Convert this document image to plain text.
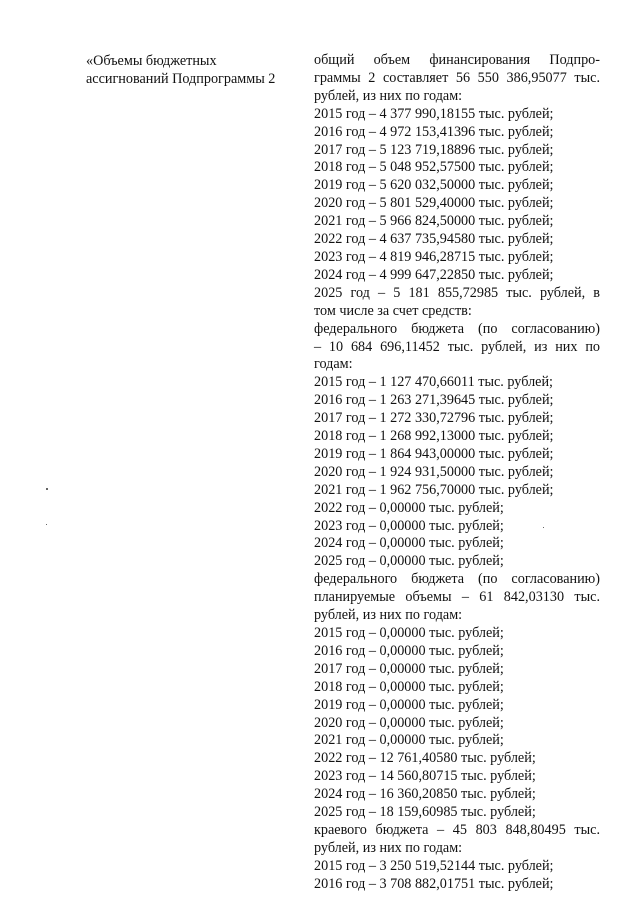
«Объемы бюджетных
ассигнований Подпрограммы 2
общий объем финансирования Подпро-
граммы 2 составляет 56 550 386,95077 тыс.
рублей, из них по годам:
2015 год – 4 377 990,18155 тыс. рублей;
2016 год – 4 972 153,41396 тыс. рублей;
2017 год – 5 123 719,18896 тыс. рублей;
2018 год – 5 048 952,57500 тыс. рублей;
2019 год – 5 620 032,50000 тыс. рублей;
2020 год – 5 801 529,40000 тыс. рублей;
2021 год – 5 966 824,50000 тыс. рублей;
2022 год – 4 637 735,94580 тыс. рублей;
2023 год – 4 819 946,28715 тыс. рублей;
2024 год – 4 999 647,22850 тыс. рублей;
2025 год – 5 181 855,72985 тыс. рублей, в
том числе за счет средств:
федерального бюджета (по согласованию)
– 10 684 696,11452 тыс. рублей, из них по
годам:
2015 год – 1 127 470,66011 тыс. рублей;
2016 год – 1 263 271,39645 тыс. рублей;
2017 год – 1 272 330,72796 тыс. рублей;
2018 год – 1 268 992,13000 тыс. рублей;
2019 год – 1 864 943,00000 тыс. рублей;
2020 год – 1 924 931,50000 тыс. рублей;
2021 год – 1 962 756,70000 тыс. рублей;
2022 год – 0,00000 тыс. рублей;
2023 год – 0,00000 тыс. рублей;
2024 год – 0,00000 тыс. рублей;
2025 год – 0,00000 тыс. рублей;
федерального бюджета (по согласованию)
планируемые объемы – 61 842,03130 тыс.
рублей, из них по годам:
2015 год – 0,00000 тыс. рублей;
2016 год – 0,00000 тыс. рублей;
2017 год – 0,00000 тыс. рублей;
2018 год – 0,00000 тыс. рублей;
2019 год – 0,00000 тыс. рублей;
2020 год – 0,00000 тыс. рублей;
2021 год – 0,00000 тыс. рублей;
2022 год – 12 761,40580 тыс. рублей;
2023 год – 14 560,80715 тыс. рублей;
2024 год – 16 360,20850 тыс. рублей;
2025 год – 18 159,60985 тыс. рублей;
краевого бюджета – 45 803 848,80495 тыс.
рублей, из них по годам:
2015 год – 3 250 519,52144 тыс. рублей;
2016 год – 3 708 882,01751 тыс. рублей;
